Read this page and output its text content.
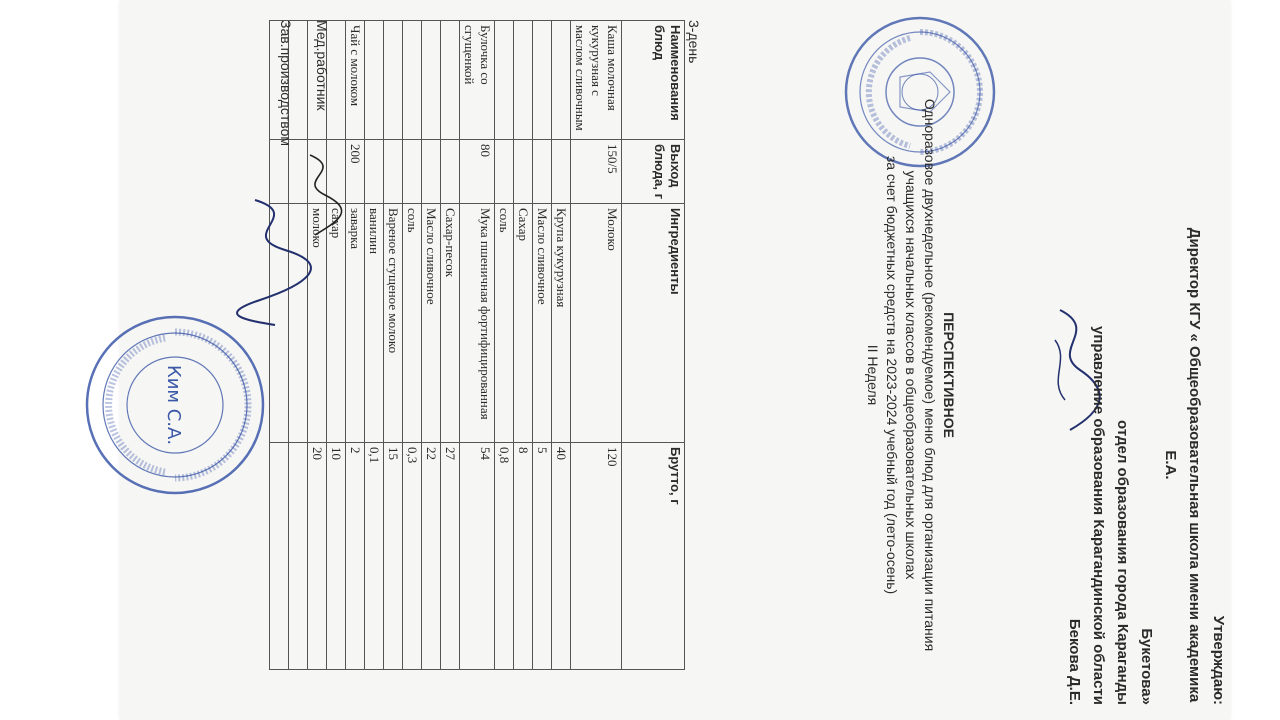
Утверждаю:
Директор КГУ « Общеобразовательная школа имени академика Е.А.
Букетова»
отдел образования города Караганды
управление образования Карагандинской области
Бекова Д.Е.
ПЕРСПЕКТИВНОЕ
Одноразовое двухнедельное (рекомендуемое) меню блюд для организации питания
учащихся начальных классов в общеобразовательных школах
за счет бюджетных средств на 2023-2024 учебный год (лето-осень)
II Неделя
3-день
Наименования блюд	Выход блюда, г	Ингредиенты	Брутто, г
Каша молочная кукурузная с маслом сливочным	150/5	Молоко	120
		Крупа кукурузная	40
		Масло сливочное	5
		Сахар	8
		соль	0,8
Булочка со сгущенкой	80	Мука пшеничная фортифицированная	54
		Сахар-песок	27
		Масло сливочное	22
		соль	0,3
		Вареное сгущеное молоко	15
		ванилин	0,1
Чай с молоком	200	заварка	2
		сахар	10
		молоко	20

Мед.работник
Зав.производством
Ким С.А.
